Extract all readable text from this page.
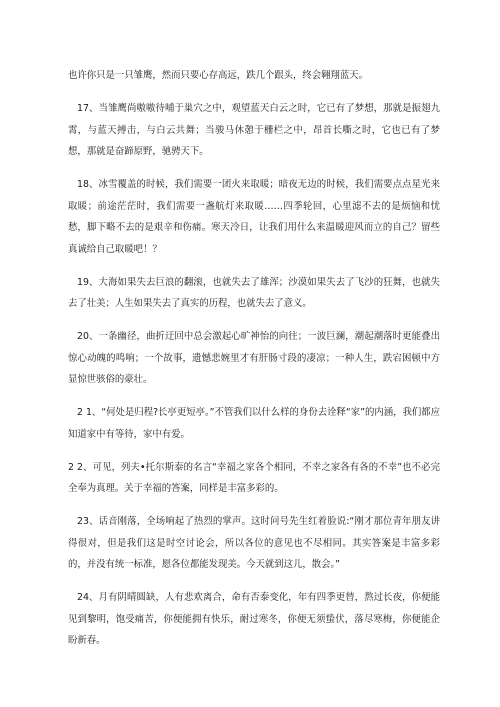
也许你只是一只雏鹰，然而只要心存高远，跌几个跟头，终会翱翔蓝天。

17、当雏鹰尚嗷嗷待哺于巢穴之中，观望蓝天白云之时，它已有了梦想，那就是振翅九霄，与蓝天搏击，与白云共舞；当骏马休憩于栅栏之中，昂首长嘶之时，它也已有了梦想，那就是奋蹄原野，驰骋天下。

18、冰雪覆盖的时候，我们需要一团火来取暖；暗夜无边的时候，我们需要点点星光来取暖；前途茫茫时，我们需要一盏航灯来取暖……四季轮回，心里滤不去的是烦恼和忧愁，脚下略不去的是艰辛和伤痛。寒天冷日，让我们用什么来温暖迎风而立的自己？留些真诚给自己取暖吧！？

19、大海如果失去巨浪的翻滚，也就失去了雄浑；沙漠如果失去了飞沙的狂舞，也就失去了壮美；人生如果失去了真实的历程，也就失去了意义。

20、一条幽径，曲折迂回中总会激起心旷神怡的向往；一波巨澜，潮起潮落时更能叠出惊心动魄的鸣响；一个故事，遗憾悲婉里才有肝肠寸段的凄凉；一种人生，跌宕困顿中方显惊世骇俗的豪壮。

2 1、“何处是归程?长亭更短亭。”不管我们以什么样的身份去诠释“家”的内涵，我们都应知道家中有等待，家中有爱。

2 2、可见，列夫•托尔斯泰的名言“幸福之家各个相同，不幸之家各有各的不幸”也不必完全奉为真理。关于幸福的答案，同样是丰富多彩的。

23、话音刚落，全场响起了热烈的掌声。这时问号先生红着脸说:“刚才那位青年朋友讲得很对，但是我们这是时空讨论会，所以各位的意见也不尽相同。其实答案是丰富多彩的，并没有统一标准，愿各位都能发现美。今天就到这儿，散会。”

24、月有阴晴圆缺，人有悲欢离合，命有否泰变化，年有四季更替，熬过长夜，你便能见到黎明，饱受痛苦，你便能拥有快乐，耐过寒冬，你便无须蛰伏，落尽寒梅，你便能企盼新春。
